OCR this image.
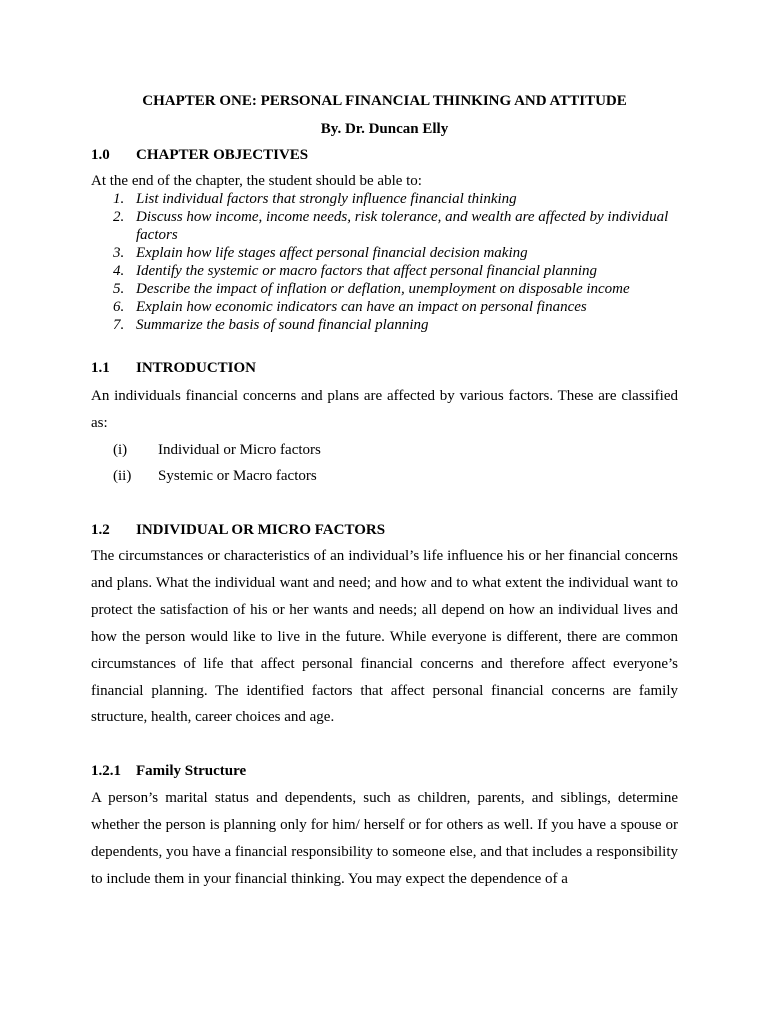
CHAPTER ONE: PERSONAL FINANCIAL THINKING AND ATTITUDE
By. Dr. Duncan Elly
1.0 CHAPTER OBJECTIVES
At the end of the chapter, the student should be able to:
1. List individual factors that strongly influence financial thinking
2. Discuss how income, income needs, risk tolerance, and wealth are affected by individual factors
3. Explain how life stages affect personal financial decision making
4. Identify the systemic or macro factors that affect personal financial planning
5. Describe the impact of inflation or deflation, unemployment on disposable income
6. Explain how economic indicators can have an impact on personal finances
7. Summarize the basis of sound financial planning
1.1 INTRODUCTION
An individuals financial concerns and plans are affected by various factors. These are classified as:
(i) Individual or Micro factors
(ii) Systemic or Macro factors
1.2 INDIVIDUAL OR MICRO FACTORS
The circumstances or characteristics of an individual’s life influence his or her financial concerns and plans. What the individual want and need; and how and to what extent the individual want to protect the satisfaction of his or her wants and needs; all depend on how an individual lives and how the person would like to live in the future. While everyone is different, there are common circumstances of life that affect personal financial concerns and therefore affect everyone’s financial planning. The identified factors that affect personal financial concerns are family structure, health, career choices and age.
1.2.1 Family Structure
A person’s marital status and dependents, such as children, parents, and siblings, determine whether the person is planning only for him/ herself or for others as well. If you have a spouse or dependents, you have a financial responsibility to someone else, and that includes a responsibility to include them in your financial thinking. You may expect the dependence of a
